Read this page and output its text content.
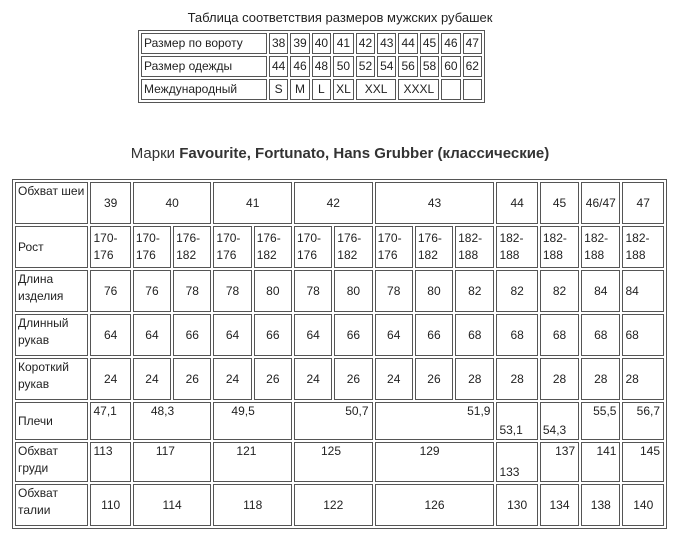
Таблица соответствия размеров мужских рубашек
Размер по вороту	38	39	40	41	42	43	44	45	46	47
Размер одежды	44	46	48	50	52	54	56	58	60	62
Международный	S	M	L	XL	XXL		XXXL			
Марки Favourite, Fortunato, Hans Grubber (классические)
Обхват шеи	39	40		41		42		43			44	45	46/47	47
Рост	170-176	170-176	176-182	170-176	176-182	170-176	176-182	170-176	176-182	182-188	182-188	182-188	182-188	182-188
Длина изделия	76	76	78	78	80	78	80	78	80	82	82	82	84	84
Длинный рукав	64	64	66	64	66	64	66	64	66	68	68	68	68	68
Короткий рукав	24	24	26	24	26	24	26	24	26	28	28	28	28	28
Плечи	47,1	48,3		49,5		50,7		51,9			53,1	54,3	55,5	56,7
Обхват груди	113	117		121		125		129			133	137	141	145
Обхват талии	110	114		118		122		126			130	134	138	140
